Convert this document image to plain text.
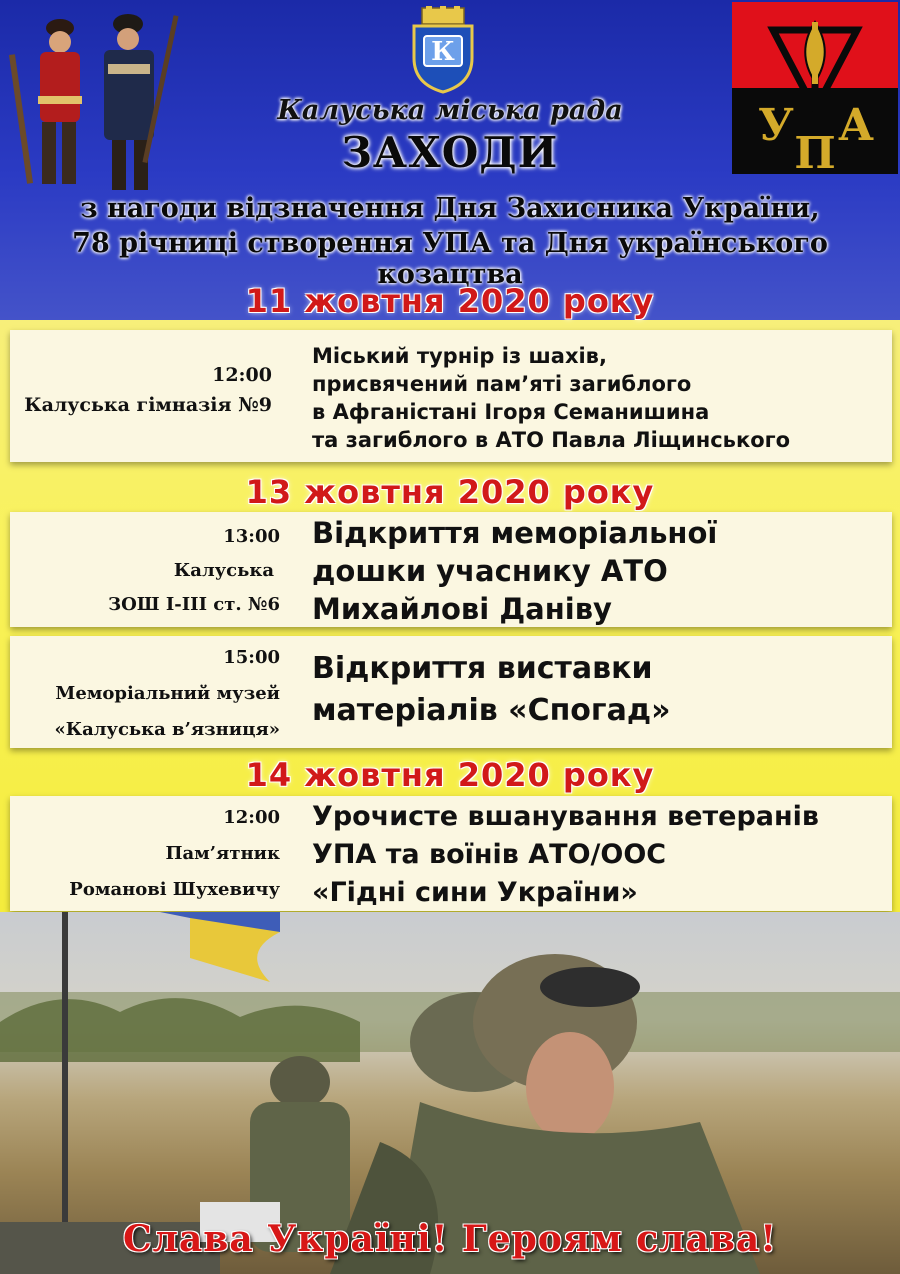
К
У
П
А
Калуська міська рада
ЗАХОДИ
з нагоди відзначення Дня Захисника України,
78 річниці створення УПА та Дня українського козацтва
11 жовтня 2020 року
12:00
Калуська гімназія №9
Міський турнір із шахів,
присвячений пам’яті загиблого
в Афганістані Ігоря Семанишина
та загиблого в АТО Павла Ліщинського
13 жовтня 2020 року
13:00
Калуська
ЗОШ І-ІІІ ст. №6
Відкриття меморіальної
дошки учаснику АТО
Михайлові Даніву
15:00
Меморіальний музей
«Калуська в’язниця»
Відкриття виставки
матеріалів «Спогад»
14 жовтня 2020 року
12:00
Пам’ятник
Романові Шухевичу
Урочисте вшанування ветеранів
УПА та воїнів АТО/ООС
«Гідні сини України»
Слава Україні! Героям слава!
